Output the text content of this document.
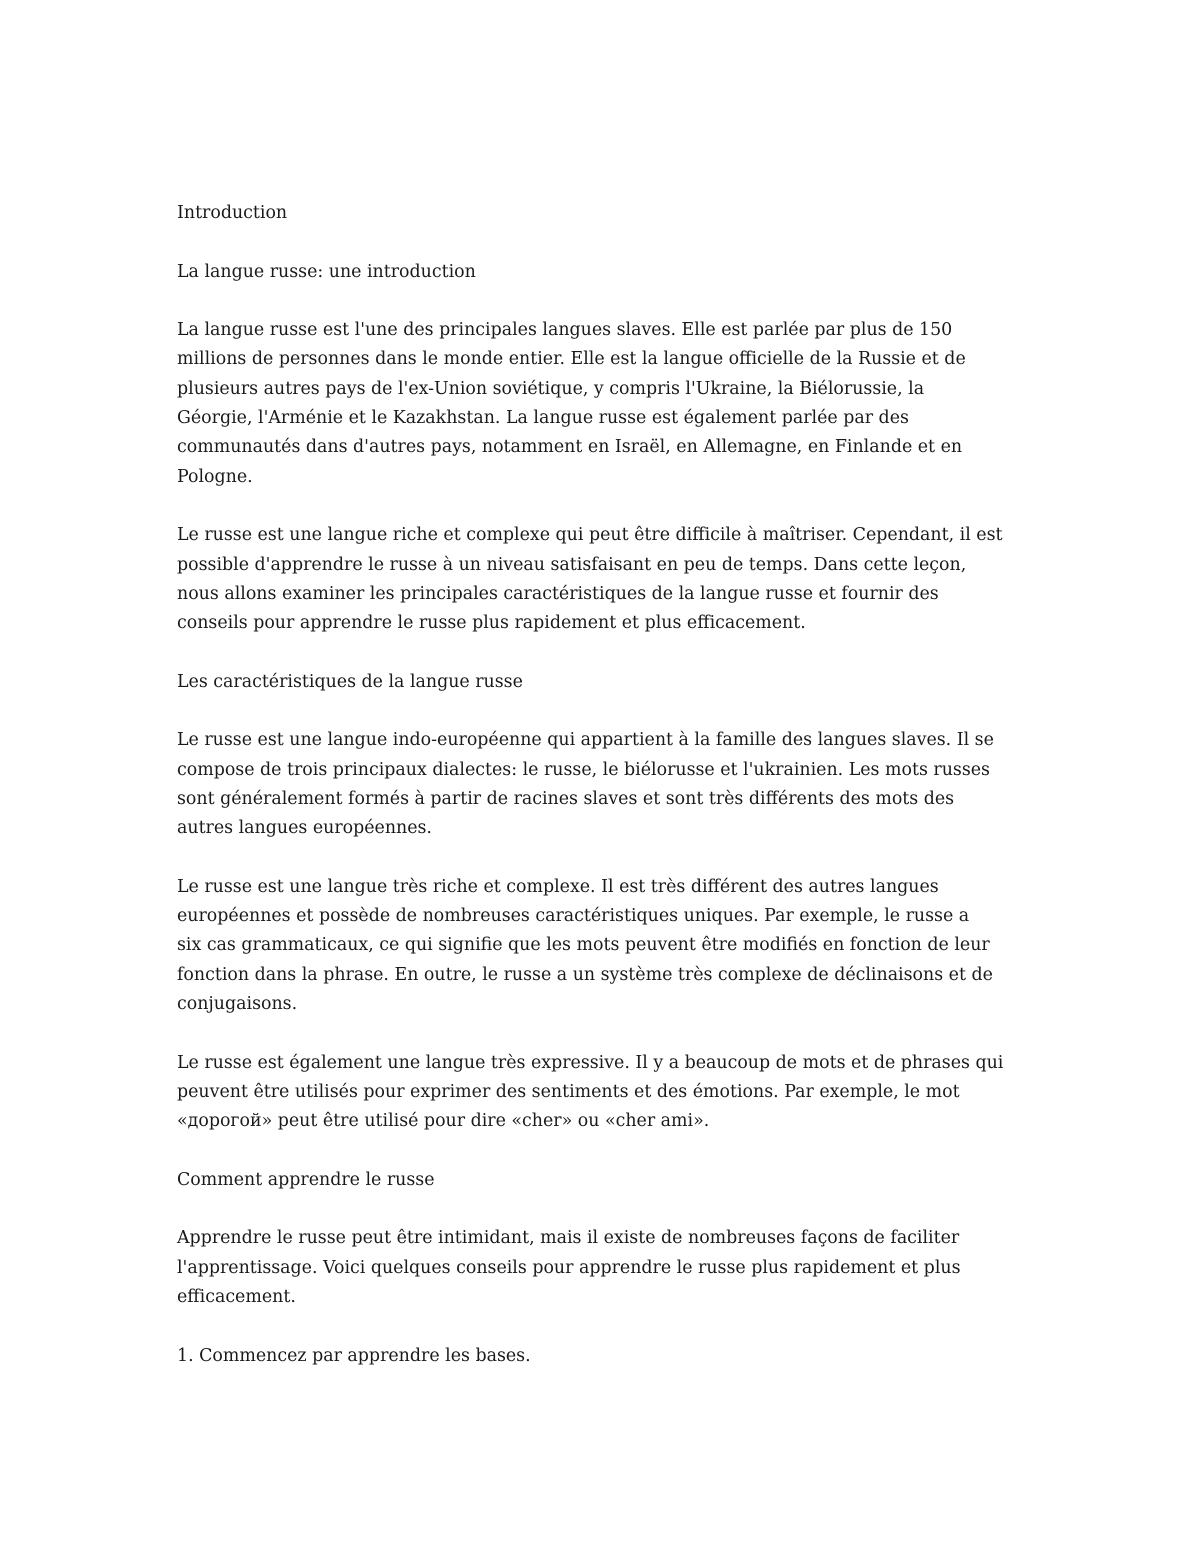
Introduction

La langue russe: une introduction

La langue russe est l'une des principales langues slaves. Elle est parlée par plus de 150
millions de personnes dans le monde entier. Elle est la langue officielle de la Russie et de
plusieurs autres pays de l'ex-Union soviétique, y compris l'Ukraine, la Biélorussie, la
Géorgie, l'Arménie et le Kazakhstan. La langue russe est également parlée par des
communautés dans d'autres pays, notamment en Israël, en Allemagne, en Finlande et en
Pologne.

Le russe est une langue riche et complexe qui peut être difficile à maîtriser. Cependant, il est
possible d'apprendre le russe à un niveau satisfaisant en peu de temps. Dans cette leçon,
nous allons examiner les principales caractéristiques de la langue russe et fournir des
conseils pour apprendre le russe plus rapidement et plus efficacement.

Les caractéristiques de la langue russe

Le russe est une langue indo-européenne qui appartient à la famille des langues slaves. Il se
compose de trois principaux dialectes: le russe, le biélorusse et l'ukrainien. Les mots russes
sont généralement formés à partir de racines slaves et sont très différents des mots des
autres langues européennes.

Le russe est une langue très riche et complexe. Il est très différent des autres langues
européennes et possède de nombreuses caractéristiques uniques. Par exemple, le russe a
six cas grammaticaux, ce qui signifie que les mots peuvent être modifiés en fonction de leur
fonction dans la phrase. En outre, le russe a un système très complexe de déclinaisons et de
conjugaisons.

Le russe est également une langue très expressive. Il y a beaucoup de mots et de phrases qui
peuvent être utilisés pour exprimer des sentiments et des émotions. Par exemple, le mot
«дорогой» peut être utilisé pour dire «cher» ou «cher ami».

Comment apprendre le russe

Apprendre le russe peut être intimidant, mais il existe de nombreuses façons de faciliter
l'apprentissage. Voici quelques conseils pour apprendre le russe plus rapidement et plus
efficacement.

1. Commencez par apprendre les bases.
